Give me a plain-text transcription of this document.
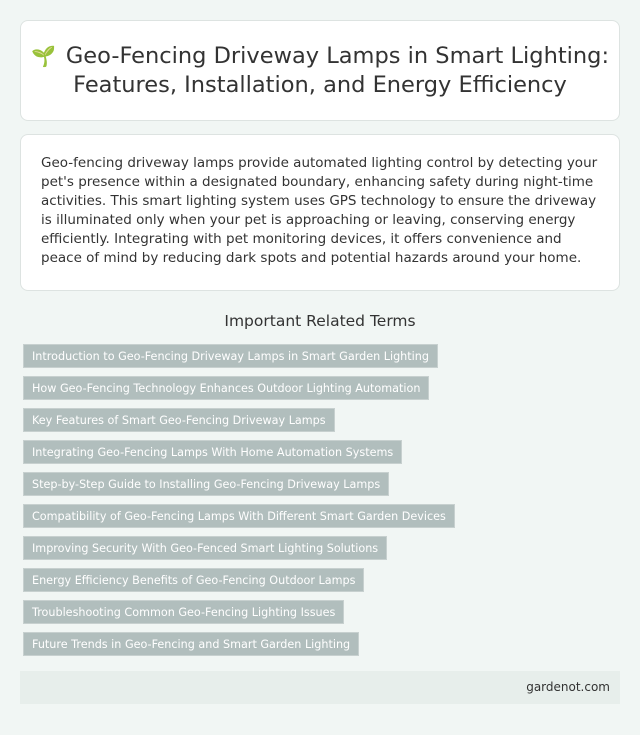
🌱 Geo-Fencing Driveway Lamps in Smart Lighting: Features, Installation, and Energy Efficiency

Geo-fencing driveway lamps provide automated lighting control by detecting your pet's presence within a designated boundary, enhancing safety during night-time activities. This smart lighting system uses GPS technology to ensure the driveway is illuminated only when your pet is approaching or leaving, conserving energy efficiently. Integrating with pet monitoring devices, it offers convenience and peace of mind by reducing dark spots and potential hazards around your home.

Important Related Terms
Introduction to Geo-Fencing Driveway Lamps in Smart Garden Lighting
How Geo-Fencing Technology Enhances Outdoor Lighting Automation
Key Features of Smart Geo-Fencing Driveway Lamps
Integrating Geo-Fencing Lamps With Home Automation Systems
Step-by-Step Guide to Installing Geo-Fencing Driveway Lamps
Compatibility of Geo-Fencing Lamps With Different Smart Garden Devices
Improving Security With Geo-Fenced Smart Lighting Solutions
Energy Efficiency Benefits of Geo-Fencing Outdoor Lamps
Troubleshooting Common Geo-Fencing Lighting Issues
Future Trends in Geo-Fencing and Smart Garden Lighting
gardenot.com
